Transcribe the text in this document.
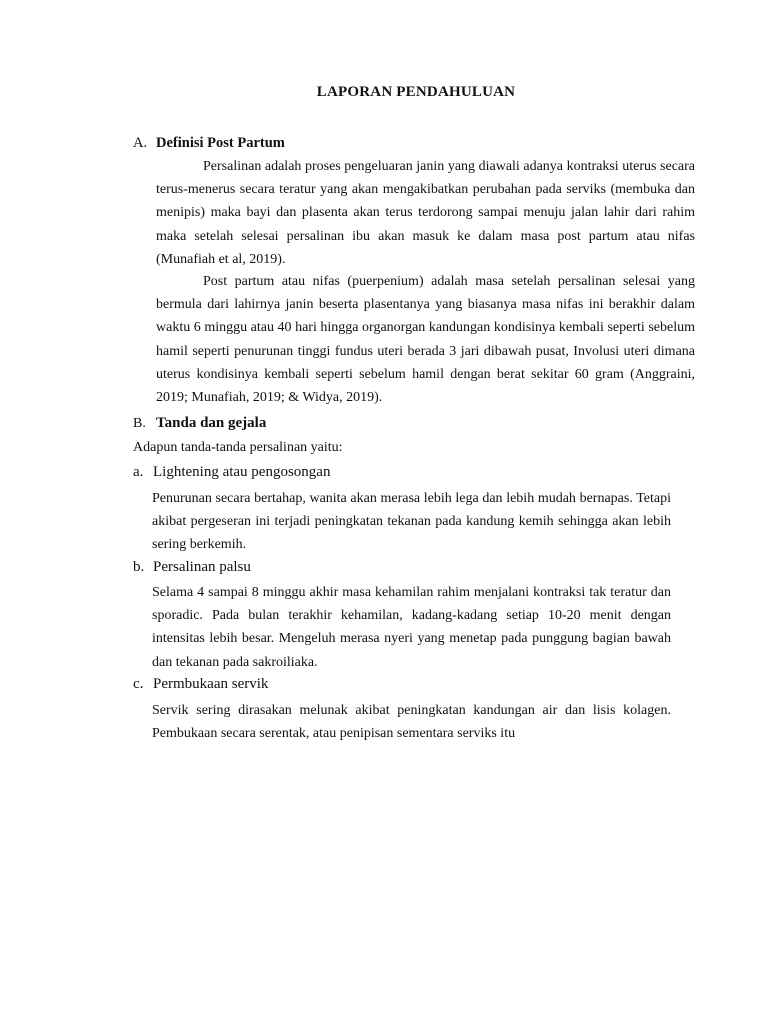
LAPORAN PENDAHULUAN
A. Definisi Post Partum

Persalinan adalah proses pengeluaran janin yang diawali adanya kontraksi uterus secara terus-menerus secara teratur yang akan mengakibatkan perubahan pada serviks (membuka dan menipis) maka bayi dan plasenta akan terus terdorong sampai menuju jalan lahir dari rahim maka setelah selesai persalinan ibu akan masuk ke dalam masa post partum atau nifas (Munafiah et al, 2019).

Post partum atau nifas (puerpenium) adalah masa setelah persalinan selesai yang bermula dari lahirnya janin beserta plasentanya yang biasanya masa nifas ini berakhir dalam waktu 6 minggu atau 40 hari hingga organorgan kandungan kondisinya kembali seperti sebelum hamil seperti penurunan tinggi fundus uteri berada 3 jari dibawah pusat, Involusi uteri dimana uterus kondisinya kembali seperti sebelum hamil dengan berat sekitar 60 gram (Anggraini, 2019; Munafiah, 2019; & Widya, 2019).

B. Tanda dan gejala
Adapun tanda-tanda persalinan yaitu:
a. Lightening atau pengosongan

Penurunan secara bertahap, wanita akan merasa lebih lega dan lebih mudah bernapas. Tetapi akibat pergeseran ini terjadi peningkatan tekanan pada kandung kemih sehingga akan lebih sering berkemih.

b. Persalinan palsu

Selama 4 sampai 8 minggu akhir masa kehamilan rahim menjalani kontraksi tak teratur dan sporadic. Pada bulan terakhir kehamilan, kadang-kadang setiap 10-20 menit dengan intensitas lebih besar. Mengeluh merasa nyeri yang menetap pada punggung bagian bawah dan tekanan pada sakroiliaka.

c. Permbukaan servik

Servik sering dirasakan melunak akibat peningkatan kandungan air dan lisis kolagen. Pembukaan secara serentak, atau penipisan sementara serviks itu
